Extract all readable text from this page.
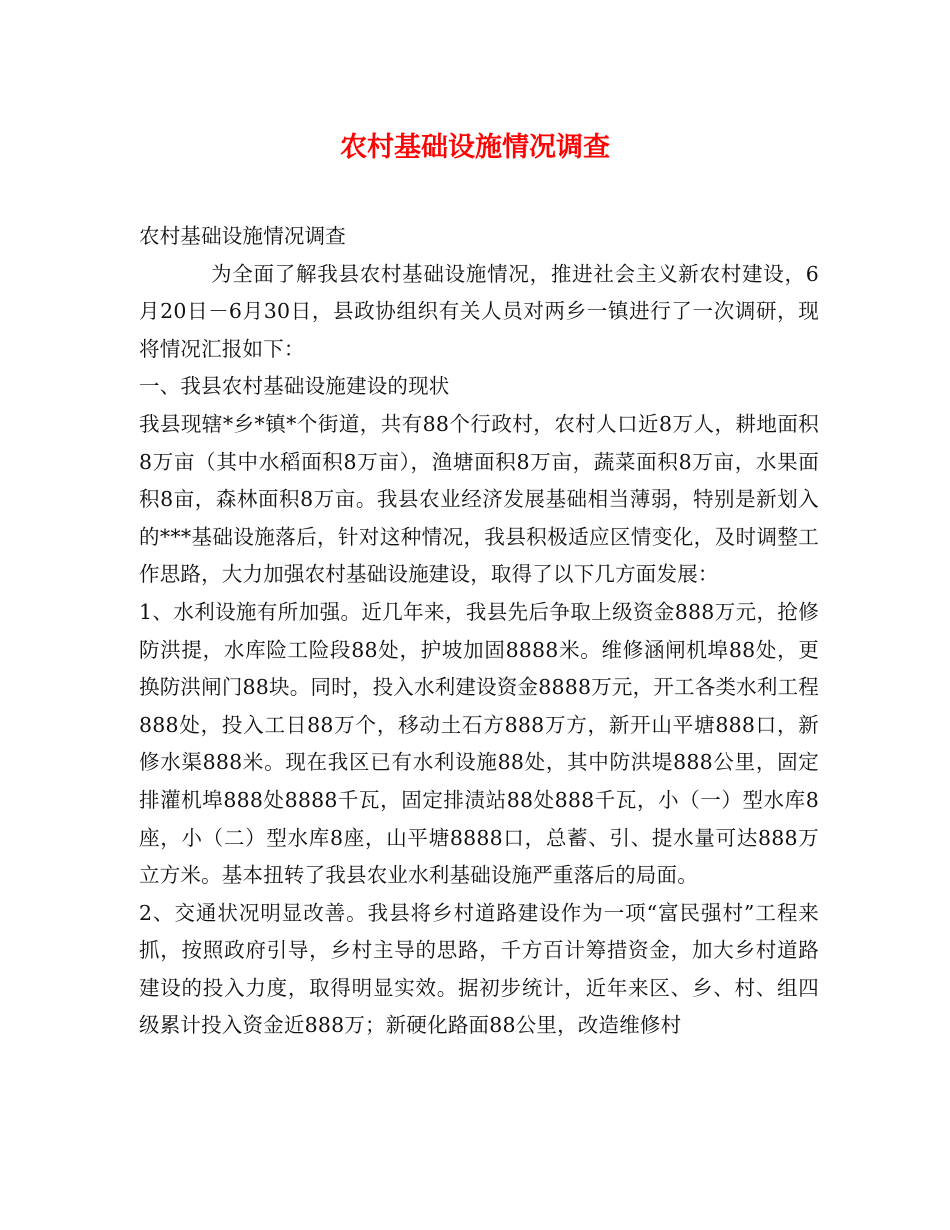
农村基础设施情况调查

农村基础设施情况调查

为全面了解我县农村基础设施情况，推进社会主义新农村建设，6月20日－6月30日，县政协组织有关人员对两乡一镇进行了一次调研，现将情况汇报如下：

一、我县农村基础设施建设的现状

我县现辖*乡*镇*个街道，共有88个行政村，农村人口近8万人，耕地面积8万亩（其中水稻面积8万亩），渔塘面积8万亩，蔬菜面积8万亩，水果面积8亩，森林面积8万亩。我县农业经济发展基础相当薄弱，特别是新划入的***基础设施落后，针对这种情况，我县积极适应区情变化，及时调整工作思路，大力加强农村基础设施建设，取得了以下几方面发展：

1、水利设施有所加强。近几年来，我县先后争取上级资金888万元，抢修防洪提，水库险工险段88处，护坡加固8888米。维修涵闸机埠88处，更换防洪闸门88块。同时，投入水利建设资金8888万元，开工各类水利工程888处，投入工日88万个，移动土石方888万方，新开山平塘888口，新修水渠888米。现在我区已有水利设施88处，其中防洪堤888公里，固定排灌机埠888处8888千瓦，固定排渍站88处888千瓦，小（一）型水库8座，小（二）型水库8座，山平塘8888口，总蓄、引、提水量可达888万立方米。基本扭转了我县农业水利基础设施严重落后的局面。

2、交通状况明显改善。我县将乡村道路建设作为一项“富民强村”工程来抓，按照政府引导，乡村主导的思路，千方百计筹措资金，加大乡村道路建设的投入力度，取得明显实效。据初步统计，近年来区、乡、村、组四级累计投入资金近888万；新硬化路面88公里，改造维修村
